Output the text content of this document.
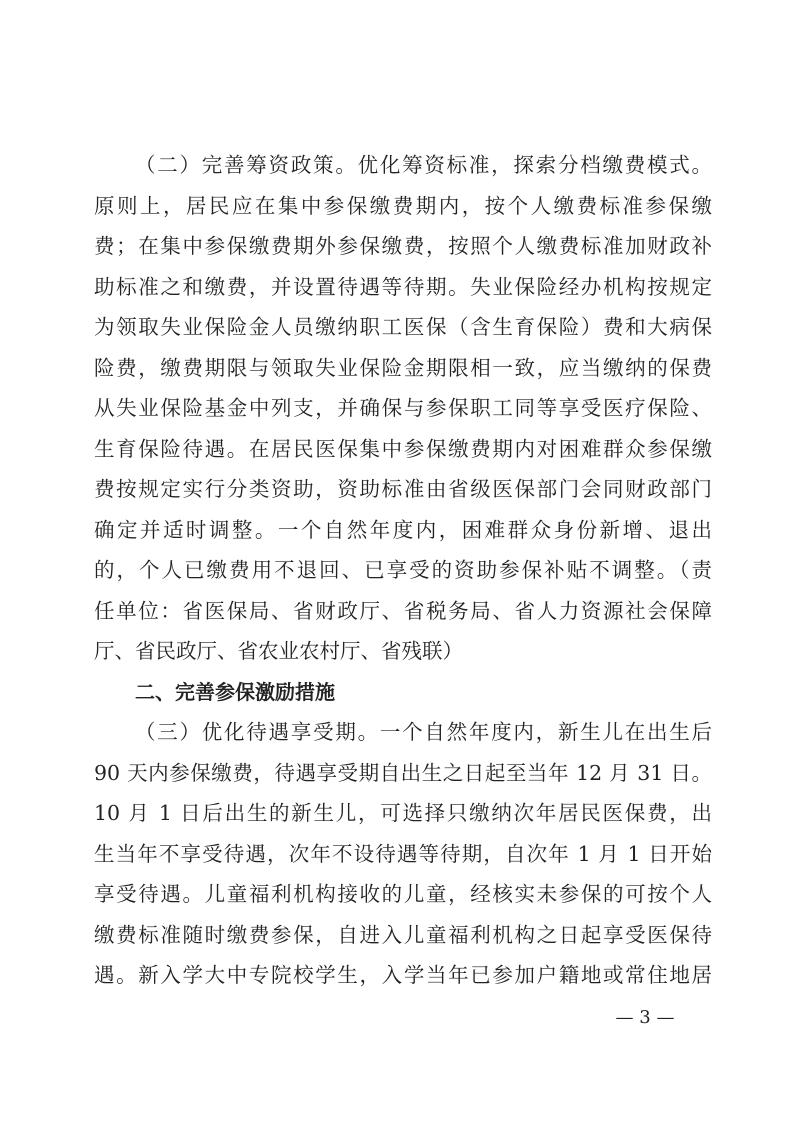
（二）完善筹资政策。优化筹资标准，探索分档缴费模式。
原则上，居民应在集中参保缴费期内，按个人缴费标准参保缴
费；在集中参保缴费期外参保缴费，按照个人缴费标准加财政补
助标准之和缴费，并设置待遇等待期。失业保险经办机构按规定
为领取失业保险金人员缴纳职工医保（含生育保险）费和大病保
险费，缴费期限与领取失业保险金期限相一致，应当缴纳的保费
从失业保险基金中列支，并确保与参保职工同等享受医疗保险、
生育保险待遇。在居民医保集中参保缴费期内对困难群众参保缴
费按规定实行分类资助，资助标准由省级医保部门会同财政部门
确定并适时调整。一个自然年度内，困难群众身份新增、退出
的，个人已缴费用不退回、已享受的资助参保补贴不调整。（责
任单位：省医保局、省财政厅、省税务局、省人力资源社会保障
厅、省民政厅、省农业农村厅、省残联）
二、完善参保激励措施
（三）优化待遇享受期。一个自然年度内，新生儿在出生后
90 天内参保缴费，待遇享受期自出生之日起至当年 12 月 31 日。
10 月 1 日后出生的新生儿，可选择只缴纳次年居民医保费，出
生当年不享受待遇，次年不设待遇等待期，自次年 1 月 1 日开始
享受待遇。儿童福利机构接收的儿童，经核实未参保的可按个人
缴费标准随时缴费参保，自进入儿童福利机构之日起享受医保待
遇。新入学大中专院校学生，入学当年已参加户籍地或常住地居
— 3 —
